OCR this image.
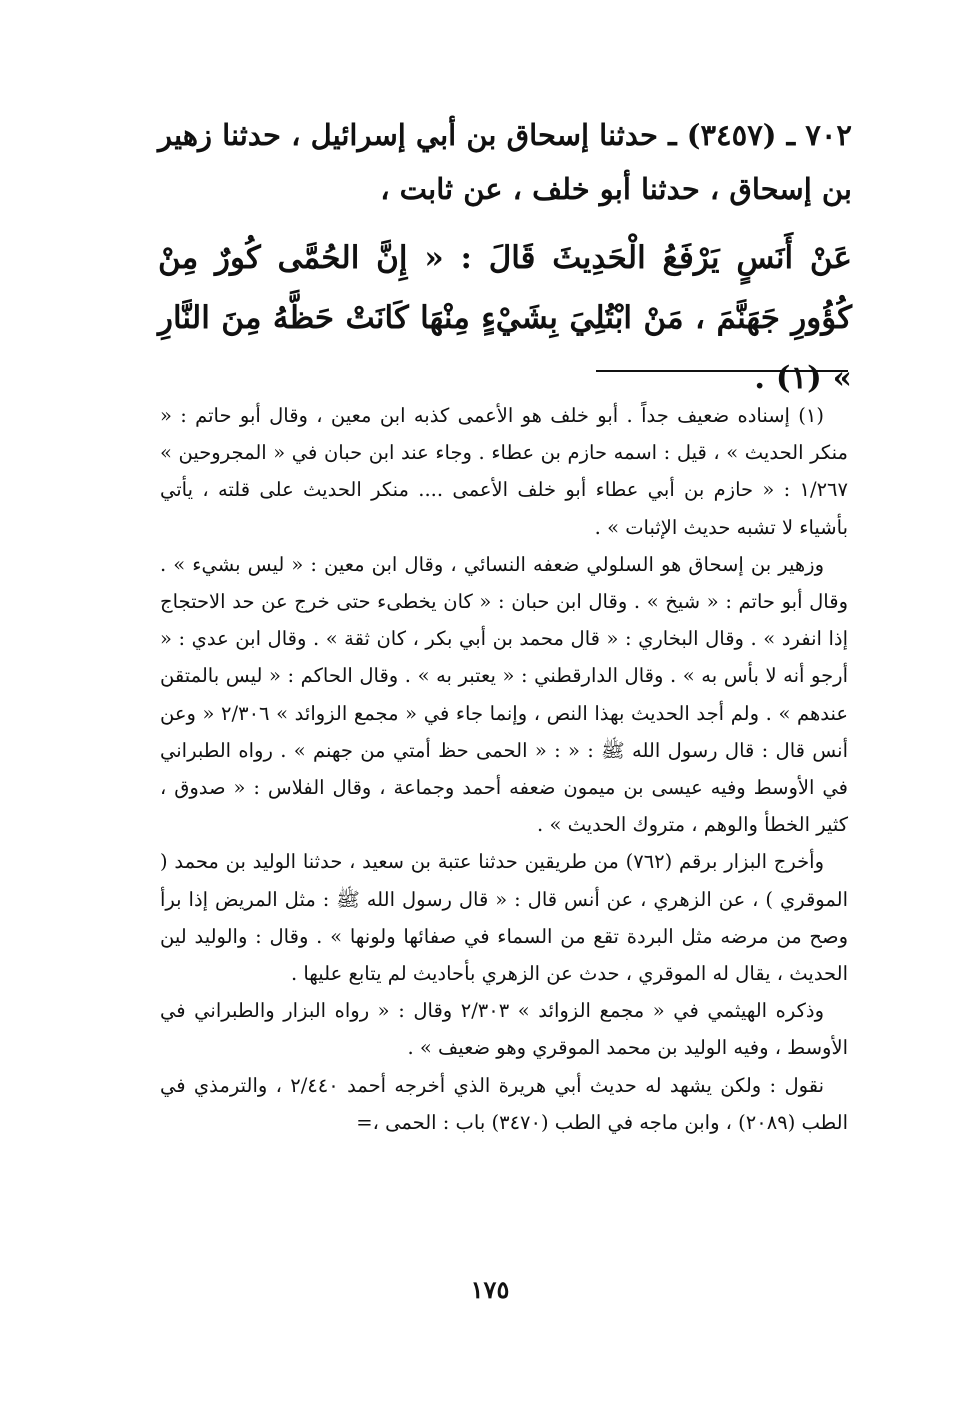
٧٠٢ ـ (٣٤٥٧) ـ حدثنا إسحاق بن أبي إسرائيل ، حدثنا زهير بن إسحاق ، حدثنا أبو خلف ، عن ثابت ،

عَنْ أَنَسٍ يَرْفَعُ الْحَدِيثَ قَالَ : « إِنَّ الحُمَّى كُورٌ مِنْ كُؤُورِ جَهَنَّمَ ، مَنْ ابْتُلِيَ بِشَيْءٍ مِنْهَا كَانَتْ حَظَّهُ مِنَ النَّارِ » (١) .

(١) إسناده ضعيف جداً . أبو خلف هو الأعمى كذبه ابن معين ، وقال أبو حاتم : « منكر الحديث » ، قيل : اسمه حازم بن عطاء . وجاء عند ابن حبان في « المجروحين » ١/٢٦٧ : « حازم بن أبي عطاء أبو خلف الأعمى .... منكر الحديث على قلته ، يأتي بأشياء لا تشبه حديث الإثبات » .

وزهير بن إسحاق هو السلولي ضعفه النسائي ، وقال ابن معين : « ليس بشيء » . وقال أبو حاتم : « شيخ » . وقال ابن حبان : « كان يخطىء حتى خرج عن حد الاحتجاج إذا انفرد » . وقال البخاري : « قال محمد بن أبي بكر ، كان ثقة » . وقال ابن عدي : « أرجو أنه لا بأس به » . وقال الدارقطني : « يعتبر به » . وقال الحاكم : « ليس بالمتقن عندهم » . ولم أجد الحديث بهذا النص ، وإنما جاء في « مجمع الزوائد » ٢/٣٠٦ « وعن أنس قال : قال رسول الله ﷺ : « : « الحمى حظ أمتي من جهنم » . رواه الطبراني في الأوسط وفيه عيسى بن ميمون ضعفه أحمد وجماعة ، وقال الفلاس : « صدوق ، كثير الخطأ والوهم ، متروك الحديث » .

وأخرج البزار برقم (٧٦٢) من طريقين حدثنا عتبة بن سعيد ، حدثنا الوليد بن محمد ( الموقري ) ، عن الزهري ، عن أنس قال : « قال رسول الله ﷺ : مثل المريض إذا برأ وصح من مرضه مثل البردة تقع من السماء في صفائها ولونها » . وقال : والوليد لين الحديث ، يقال له الموقري ، حدث عن الزهري بأحاديث لم يتابع عليها .

وذكره الهيثمي في « مجمع الزوائد » ٢/٣٠٣ وقال : « رواه البزار والطبراني في الأوسط ، وفيه الوليد بن محمد الموقري وهو ضعيف » .

نقول : ولكن يشهد له حديث أبي هريرة الذي أخرجه أحمد ٢/٤٤٠ ، والترمذي في الطب (٢٠٨٩) ، وابن ماجه في الطب (٣٤٧٠) باب : الحمى ،=

١٧٥
